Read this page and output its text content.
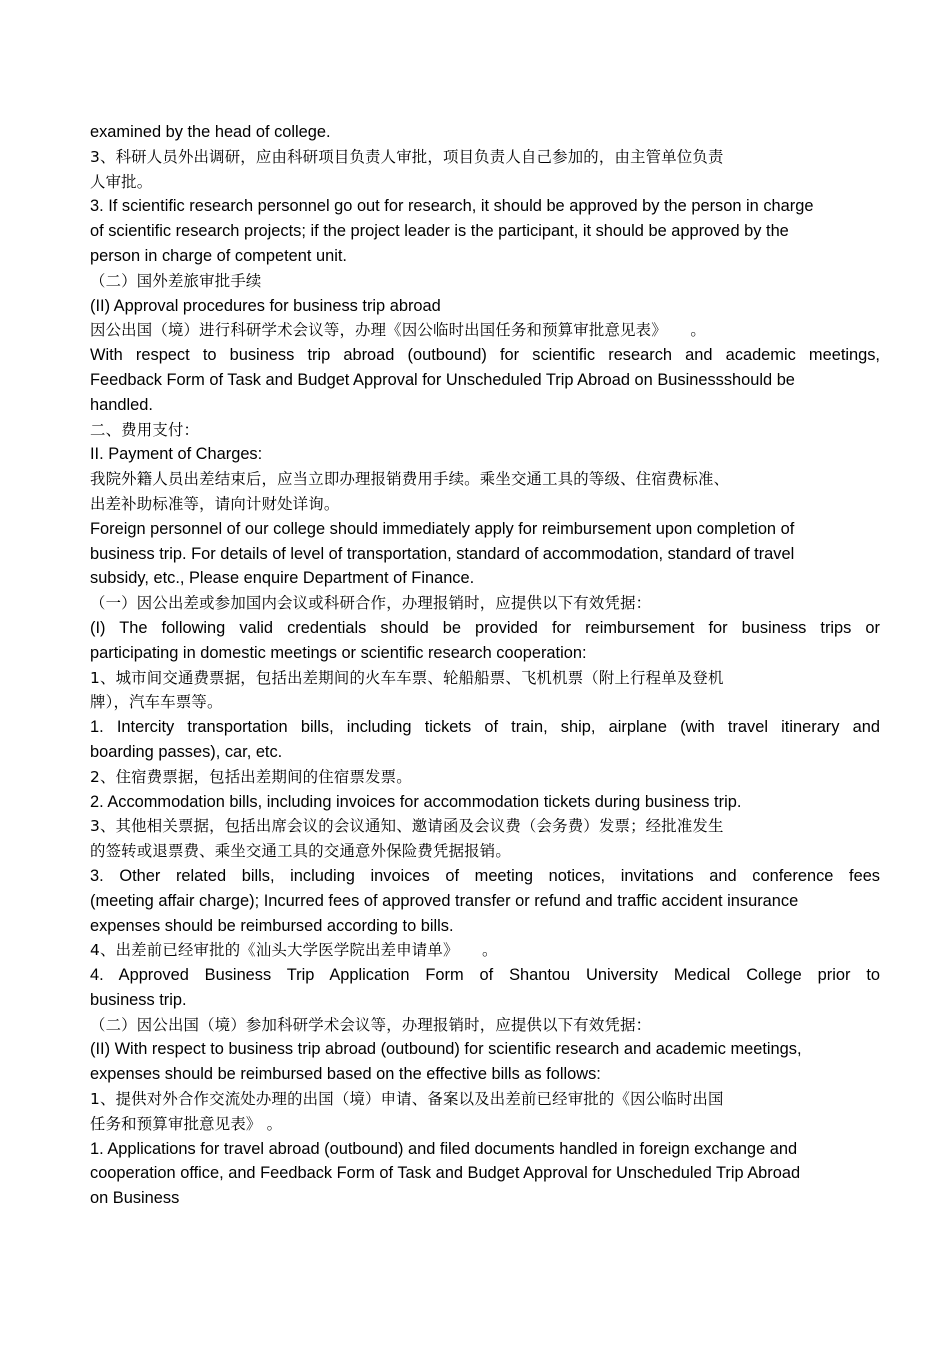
examined by the head of college.

3、科研人员外出调研，应由科研项目负责人审批，项目负责人自己参加的，由主管单位负责

人审批。

3. If scientific research personnel go out for research, it should be approved by the person in charge

of scientific research projects; if the project leader is the participant, it should be approved by the

person in charge of competent unit.

（二）国外差旅审批手续

(II) Approval procedures for business trip abroad

因公出国（境）进行科研学术会议等，办理《因公临时出国任务和预算审批意见表》　　。

With respect to business trip abroad (outbound) for scientific research and academic meetings,

Feedback Form of Task and Budget Approval for Unscheduled Trip Abroad on Businessshould be

handled.

二、费用支付：

II. Payment of Charges:

我院外籍人员出差结束后，应当立即办理报销费用手续。乘坐交通工具的等级、住宿费标准、

出差补助标准等，请向计财处详询。

Foreign personnel of our college should immediately apply for reimbursement upon completion of

business trip. For details of level of transportation, standard of accommodation, standard of travel

subsidy, etc., Please enquire Department of Finance.

（一）因公出差或参加国内会议或科研合作，办理报销时，应提供以下有效凭据：

(I) The following valid credentials should be provided for reimbursement for business trips or

participating in domestic meetings or scientific research cooperation:

1、城市间交通费票据，包括出差期间的火车车票、轮船船票、飞机机票（附上行程单及登机

牌），汽车车票等。

1. Intercity transportation bills, including tickets of train, ship, airplane (with travel itinerary and

boarding passes), car, etc.

2、住宿费票据，包括出差期间的住宿票发票。

2. Accommodation bills, including invoices for accommodation tickets during business trip.

3、其他相关票据，包括出席会议的会议通知、邀请函及会议费（会务费）发票；经批准发生

的签转或退票费、乘坐交通工具的交通意外保险费凭据报销。

3. Other related bills, including invoices of meeting notices, invitations and conference fees

(meeting affair charge); Incurred fees of approved transfer or refund and traffic accident insurance

expenses should be reimbursed according to bills.

4、出差前已经审批的《汕头大学医学院出差申请单》　　。

4. Approved Business Trip Application Form of Shantou University Medical College prior to

business trip.

（二）因公出国（境）参加科研学术会议等，办理报销时，应提供以下有效凭据：

(II) With respect to business trip abroad (outbound) for scientific research and academic meetings,

expenses should be reimbursed based on the effective bills as follows:

1、提供对外合作交流处办理的出国（境）申请、备案以及出差前已经审批的《因公临时出国

任务和预算审批意见表》 。

1. Applications for travel abroad (outbound) and filed documents handled in foreign exchange and

cooperation office, and Feedback Form of Task and Budget Approval for Unscheduled Trip Abroad

on Business
